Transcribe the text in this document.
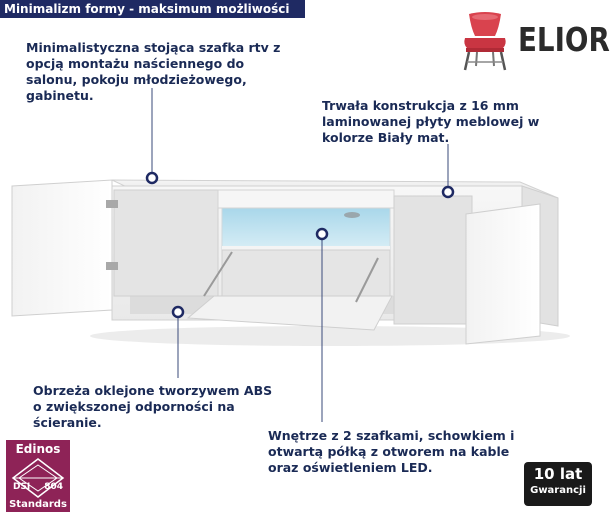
Minimalizm formy - maksimum możliwości
ELIOR
Minimalistyczna stojąca szafka rtv z opcją montażu naściennego do salonu, pokoju młodzieżowego, gabinetu.
Trwała konstrukcja z 16 mm laminowanej płyty meblowej w kolorze Biały mat.
Obrzeża oklejone tworzywem ABS o zwiększonej odporności na ścieranie.
Wnętrze z 2 szafkami, schowkiem i otwartą półką z otworem na kable oraz oświetleniem LED.
Edinos
DSI 804
Standards
10 lat
Gwarancji
